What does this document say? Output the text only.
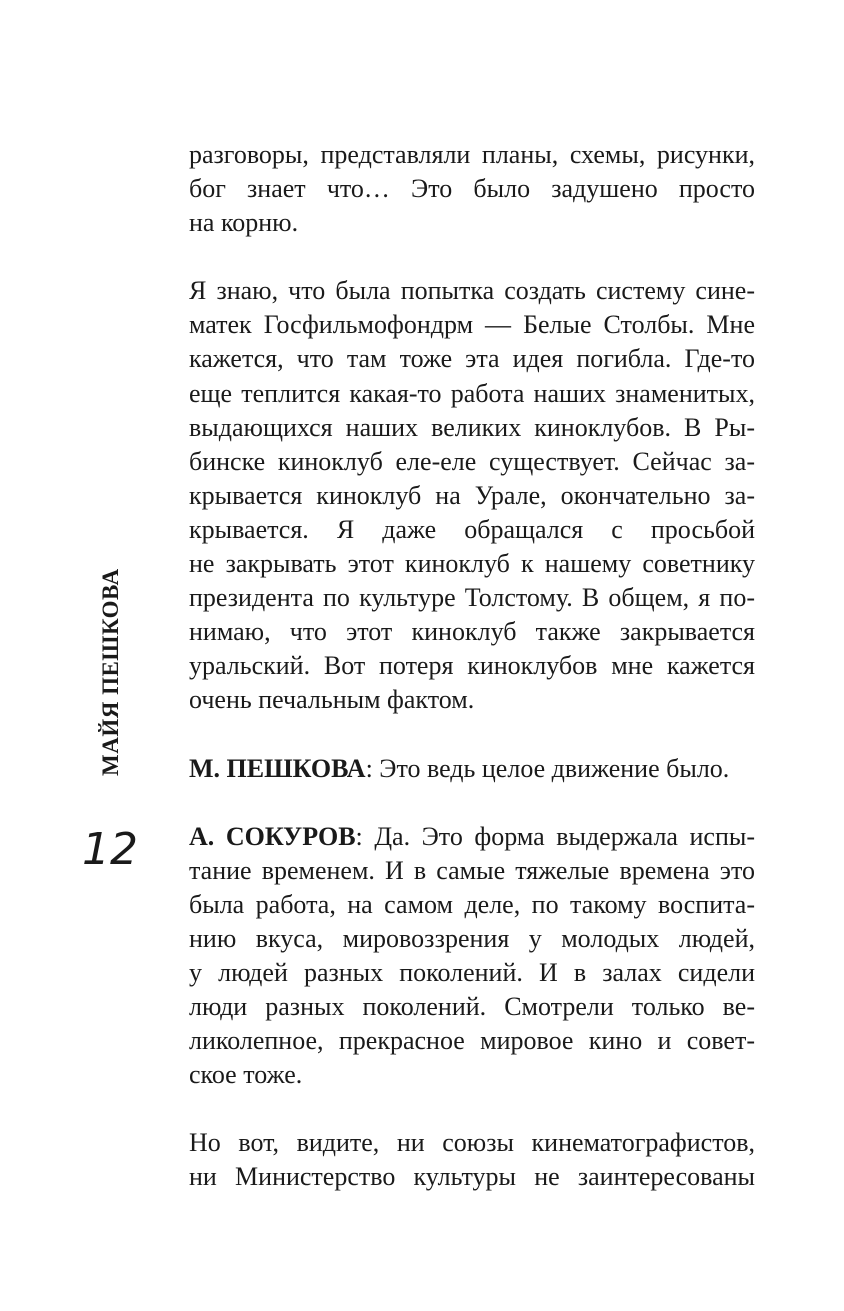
МАЙЯ ПЕШКОВА
12

разговоры, представляли планы, схемы, рисунки,
бог знает что… Это было задушено просто
на корню.

Я знаю, что была попытка создать систему сине-
матек Госфильмофондрм — Белые Столбы. Мне
кажется, что там тоже эта идея погибла. Где-то
еще теплится какая-то работа наших знаменитых,
выдающихся наших великих киноклубов. В Ры-
бинске киноклуб еле-еле существует. Сейчас за-
крывается киноклуб на Урале, окончательно за-
крывается. Я даже обращался с просьбой
не закрывать этот киноклуб к нашему советнику
президента по культуре Толстому. В общем, я по-
нимаю, что этот киноклуб также закрывается
уральский. Вот потеря киноклубов мне кажется
очень печальным фактом.

М. ПЕШКОВА: Это ведь целое движение было.

А. СОКУРОВ: Да. Это форма выдержала испы-
тание временем. И в самые тяжелые времена это
была работа, на самом деле, по такому воспита-
нию вкуса, мировоззрения у молодых людей,
у людей разных поколений. И в залах сидели
люди разных поколений. Смотрели только ве-
ликолепное, прекрасное мировое кино и совет-
ское тоже.

Но вот, видите, ни союзы кинематографистов,
ни Министерство культуры не заинтересованы
